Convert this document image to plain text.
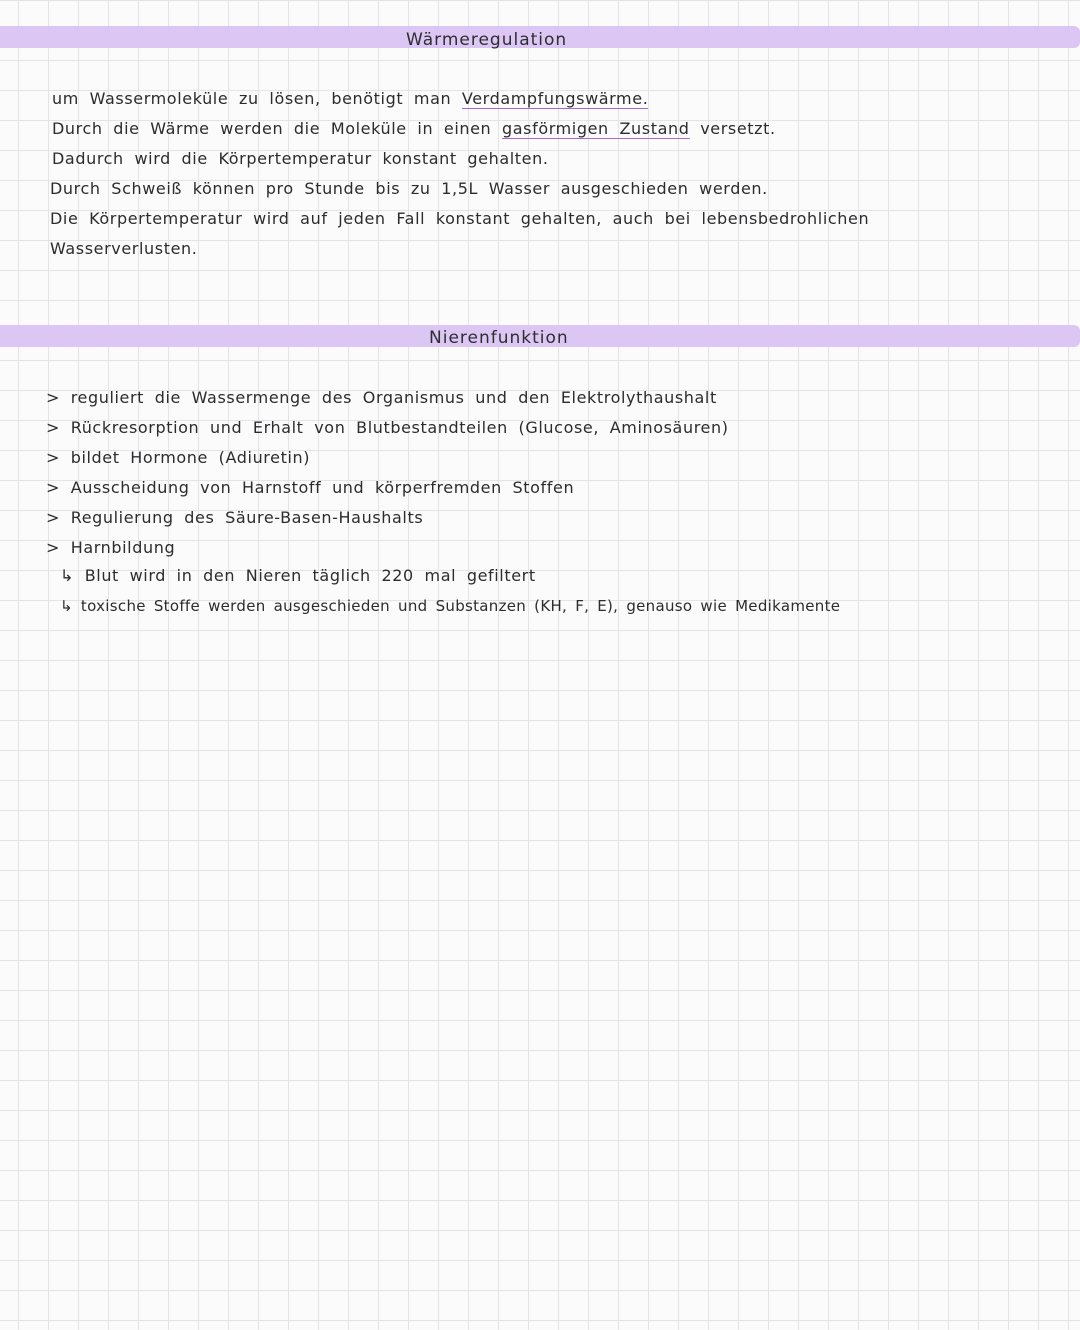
Wärmeregulation
um Wassermoleküle zu lösen, benötigt man Verdampfungswärme.
Durch die Wärme werden die Moleküle in einen gasförmigen Zustand versetzt.
Dadurch wird die Körpertemperatur konstant gehalten.
Durch Schweiß können pro Stunde bis zu 1,5L Wasser ausgeschieden werden.
Die Körpertemperatur wird auf jeden Fall konstant gehalten, auch bei lebensbedrohlichen
Wasserverlusten.
Nierenfunktion
> reguliert die Wassermenge des Organismus und den Elektrolythaushalt
> Rückresorption und Erhalt von Blutbestandteilen (Glucose, Aminosäuren)
> bildet Hormone (Adiuretin)
> Ausscheidung von Harnstoff und körperfremden Stoffen
> Regulierung des Säure-Basen-Haushalts
> Harnbildung
↳ Blut wird in den Nieren täglich 220 mal gefiltert
↳ toxische Stoffe werden ausgeschieden und Substanzen (KH, F, E), genauso wie Medikamente
